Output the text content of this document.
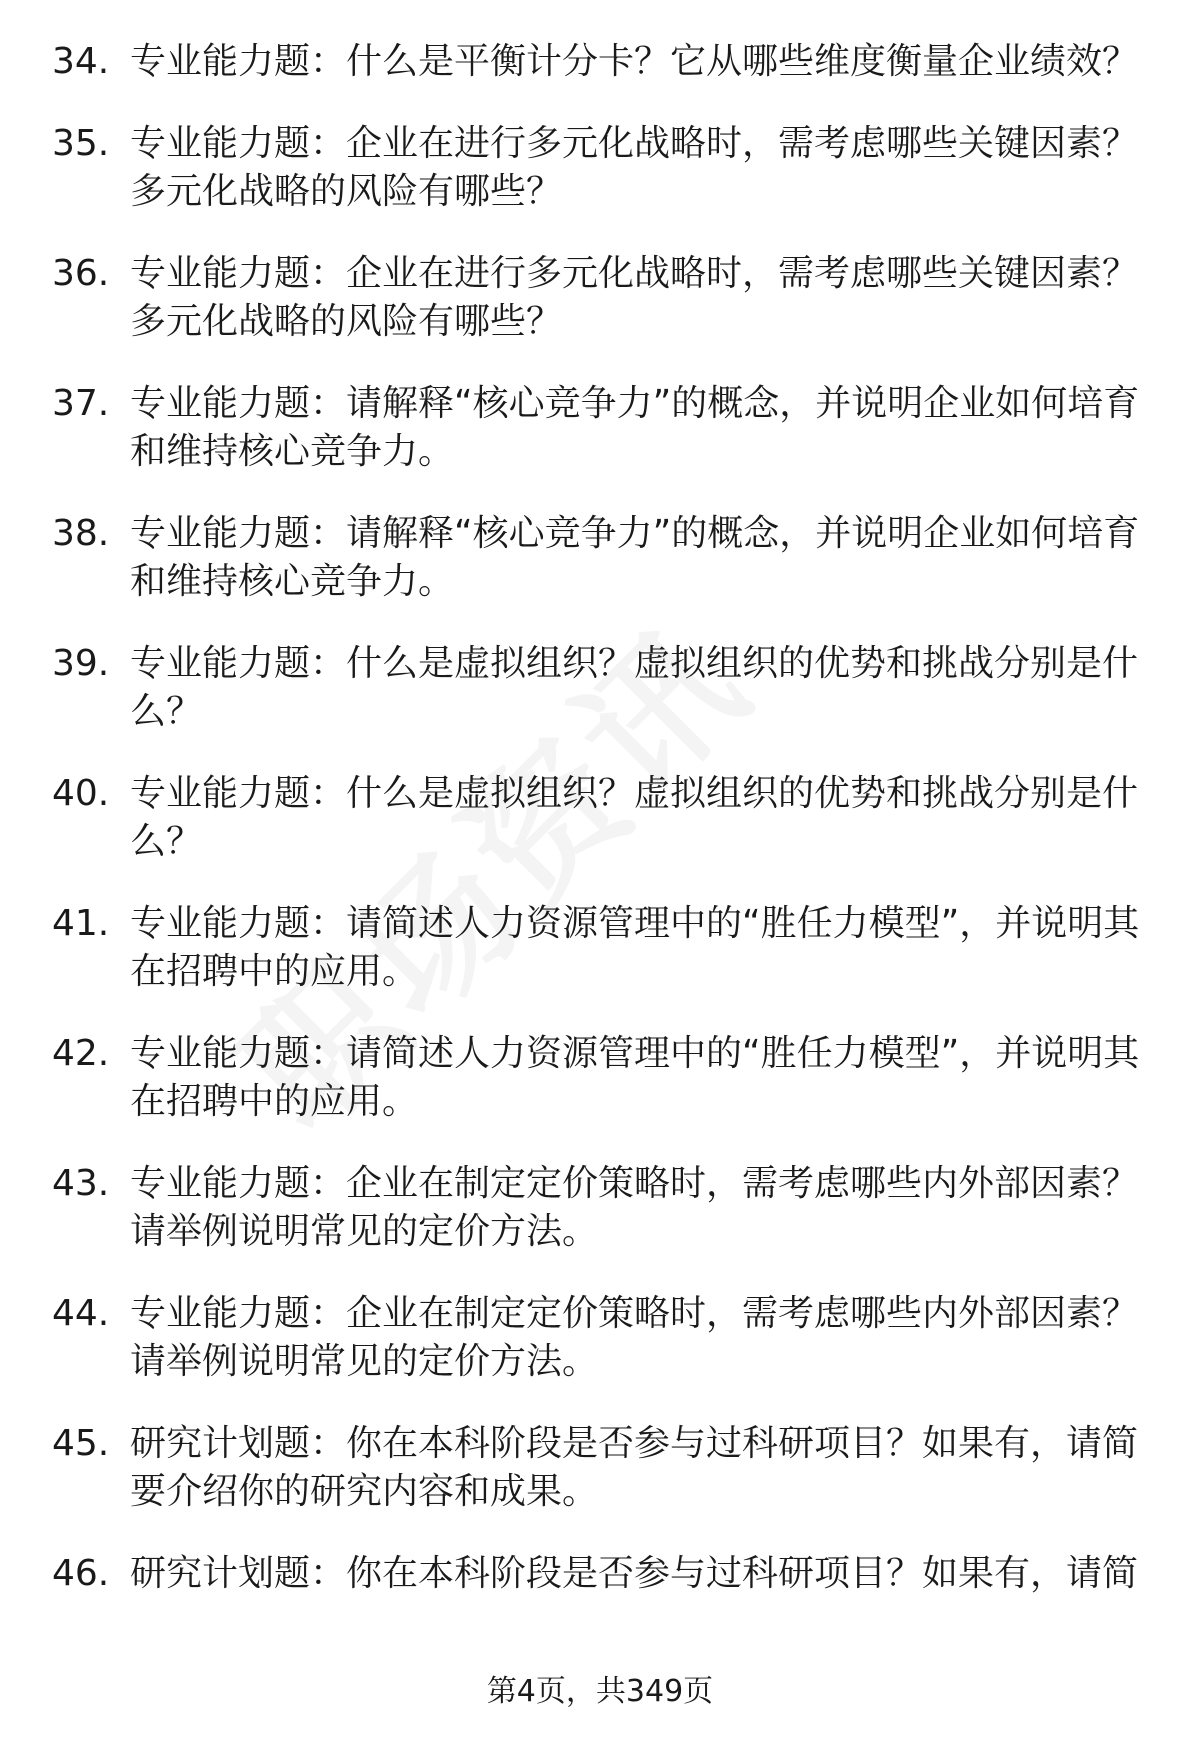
34. 专业能力题：什么是平衡计分卡？它从哪些维度衡量企业绩效？
35. 专业能力题：企业在进行多元化战略时，需考虑哪些关键因素？多元化战略的风险有哪些？
36. 专业能力题：企业在进行多元化战略时，需考虑哪些关键因素？多元化战略的风险有哪些？
37. 专业能力题：请解释“核心竞争力”的概念，并说明企业如何培育和维持核心竞争力。
38. 专业能力题：请解释“核心竞争力”的概念，并说明企业如何培育和维持核心竞争力。
39. 专业能力题：什么是虚拟组织？虚拟组织的优势和挑战分别是什么？
40. 专业能力题：什么是虚拟组织？虚拟组织的优势和挑战分别是什么？
41. 专业能力题：请简述人力资源管理中的“胜任力模型”，并说明其在招聘中的应用。
42. 专业能力题：请简述人力资源管理中的“胜任力模型”，并说明其在招聘中的应用。
43. 专业能力题：企业在制定定价策略时，需考虑哪些内外部因素？请举例说明常见的定价方法。
44. 专业能力题：企业在制定定价策略时，需考虑哪些内外部因素？请举例说明常见的定价方法。
45. 研究计划题：你在本科阶段是否参与过科研项目？如果有，请简要介绍你的研究内容和成果。
46. 研究计划题：你在本科阶段是否参与过科研项目？如果有，请简
第4页，共349页
